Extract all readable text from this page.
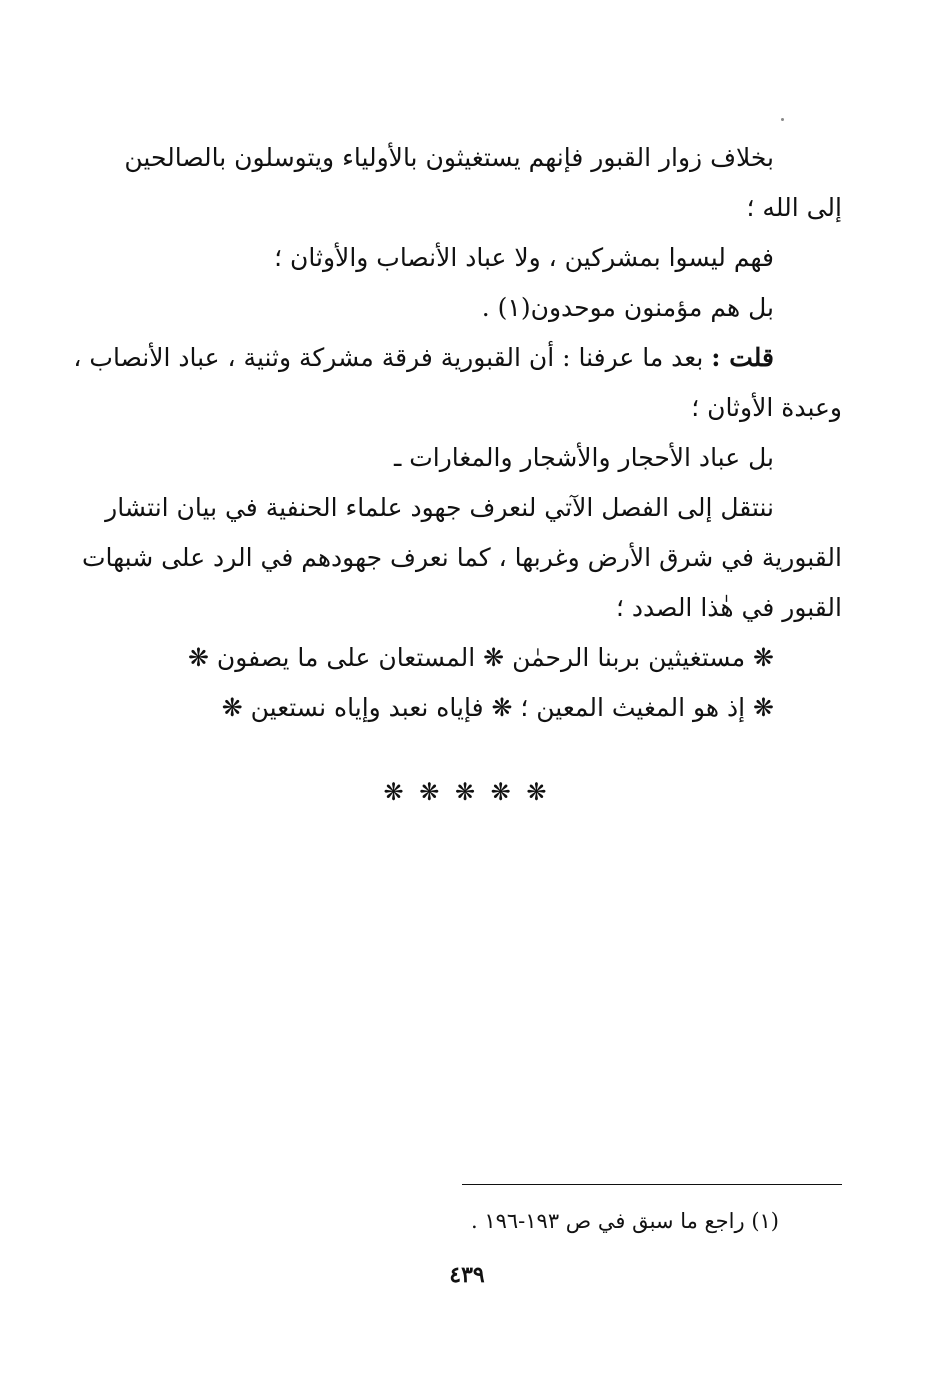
بخلاف زوار القبور فإنهم يستغيثون بالأولياء ويتوسلون بالصالحين
إلى الله ؛
فهم ليسوا بمشركين ، ولا عباد الأنصاب والأوثان ؛
بل هم مؤمنون موحدون(١) .
قلت : بعد ما عرفنا : أن القبورية فرقة مشركة وثنية ، عباد الأنصاب ،
وعبدة الأوثان ؛
بل عباد الأحجار والأشجار والمغارات ـ
ننتقل إلى الفصل الآتي لنعرف جهود علماء الحنفية في بيان انتشار
القبورية في شرق الأرض وغربها ، كما نعرف جهودهم في الرد على شبهات
القبور في هٰذا الصدد ؛
❋ مستغيثين بربنا الرحمٰن ❋ المستعان على ما يصفون ❋
❋ إذ هو المغيث المعين ؛ ❋ فإياه نعبد وإياه نستعين ❋
❋ ❋ ❋ ❋ ❋
(١) راجع ما سبق في ص ١٩٣-١٩٦ .
٤٣٩
